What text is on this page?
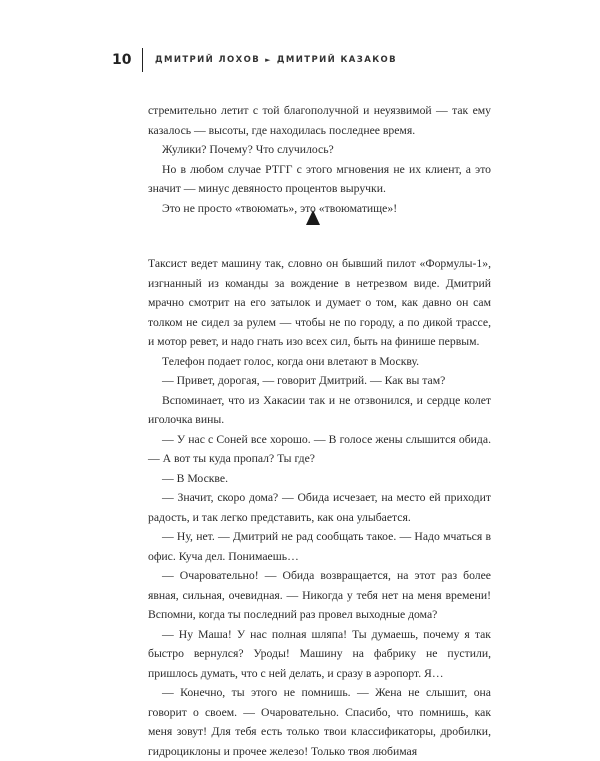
10	ДМИТРИЙ ЛОХОВ ► ДМИТРИЙ КАЗАКОВ

стремительно летит с той благополучной и неуязвимой — так ему казалось — высоты, где находилась последнее время.

Жулики? Почему? Что случилось?

Но в любом случае РТГГ с этого мгновения не их клиент, а это значит — минус девяносто процентов выручки.

Это не просто «твоюмать», это «твоюматище»!

Таксист ведет машину так, словно он бывший пилот «Формулы-1», изгнанный из команды за вождение в нетрезвом виде. Дмитрий мрачно смотрит на его затылок и думает о том, как давно он сам толком не сидел за рулем — чтобы не по городу, а по дикой трассе, и мотор ревет, и надо гнать изо всех сил, быть на финише первым.

Телефон подает голос, когда они влетают в Москву.

— Привет, дорогая, — говорит Дмитрий. — Как вы там?

Вспоминает, что из Хакасии так и не отзвонился, и сердце колет иголочка вины.

— У нас с Соней все хорошо. — В голосе жены слышится обида. — А вот ты куда пропал? Ты где?

— В Москве.

— Значит, скоро дома? — Обида исчезает, на место ей приходит радость, и так легко представить, как она улыбается.

— Ну, нет. — Дмитрий не рад сообщать такое. — Надо мчаться в офис. Куча дел. Понимаешь…

— Очаровательно! — Обида возвращается, на этот раз более явная, сильная, очевидная. — Никогда у тебя нет на меня времени! Вспомни, когда ты последний раз провел выходные дома?

— Ну Маша! У нас полная шляпа! Ты думаешь, почему я так быстро вернулся? Уроды! Машину на фабрику не пустили, пришлось думать, что с ней делать, и сразу в аэропорт. Я…

— Конечно, ты этого не помнишь. — Жена не слышит, она говорит о своем. — Очаровательно. Спасибо, что помнишь, как меня зовут! Для тебя есть только твои классификаторы, дробилки, гидроциклоны и прочее железо! Только твоя любимая
